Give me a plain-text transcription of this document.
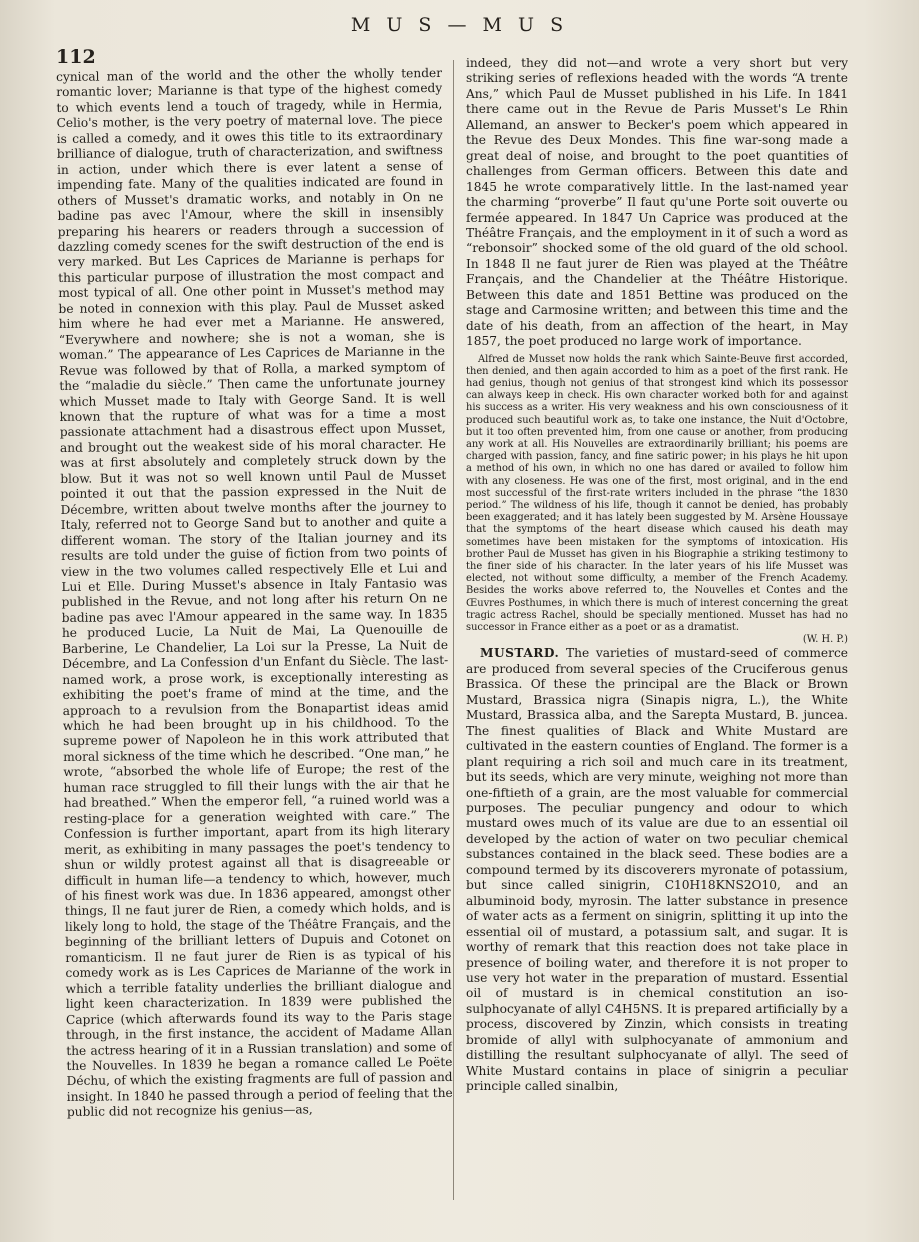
M U S — M U S
112

cynical man of the world and the other the wholly tender romantic lover; Marianne is that type of the highest comedy to which events lend a touch of tragedy, while in Hermia, Celio's mother, is the very poetry of maternal love. The piece is called a comedy, and it owes this title to its extraordinary brilliance of dialogue, truth of characterization, and swiftness in action, under which there is ever latent a sense of impending fate. Many of the qualities indicated are found in others of Musset's dramatic works, and notably in On ne badine pas avec l'Amour, where the skill in insensibly preparing his hearers or readers through a succession of dazzling comedy scenes for the swift destruction of the end is very marked. But Les Caprices de Marianne is perhaps for this particular purpose of illustration the most compact and most typical of all. One other point in Musset's method may be noted in connexion with this play. Paul de Musset asked him where he had ever met a Marianne. He answered, “Everywhere and nowhere; she is not a woman, she is woman.” The appearance of Les Caprices de Marianne in the Revue was followed by that of Rolla, a marked symptom of the “maladie du siècle.” Then came the unfortunate journey which Musset made to Italy with George Sand. It is well known that the rupture of what was for a time a most passionate attachment had a disastrous effect upon Musset, and brought out the weakest side of his moral character. He was at first absolutely and completely struck down by the blow. But it was not so well known until Paul de Musset pointed it out that the passion expressed in the Nuit de Décembre, written about twelve months after the journey to Italy, referred not to George Sand but to another and quite a different woman. The story of the Italian journey and its results are told under the guise of fiction from two points of view in the two volumes called respectively Elle et Lui and Lui et Elle. During Musset's absence in Italy Fantasio was published in the Revue, and not long after his return On ne badine pas avec l'Amour appeared in the same way. In 1835 he produced Lucie, La Nuit de Mai, La Quenouille de Barberine, Le Chandelier, La Loi sur la Presse, La Nuit de Décembre, and La Confession d'un Enfant du Siècle. The last-named work, a prose work, is exceptionally interesting as exhibiting the poet's frame of mind at the time, and the approach to a revulsion from the Bonapartist ideas amid which he had been brought up in his childhood. To the supreme power of Napoleon he in this work attributed that moral sickness of the time which he described. “One man,” he wrote, “absorbed the whole life of Europe; the rest of the human race struggled to fill their lungs with the air that he had breathed.” When the emperor fell, “a ruined world was a resting-place for a generation weighted with care.” The Confession is further important, apart from its high literary merit, as exhibiting in many passages the poet's tendency to shun or wildly protest against all that is disagreeable or difficult in human life—a tendency to which, however, much of his finest work was due. In 1836 appeared, amongst other things, Il ne faut jurer de Rien, a comedy which holds, and is likely long to hold, the stage of the Théâtre Français, and the beginning of the brilliant letters of Dupuis and Cotonet on romanticism. Il ne faut jurer de Rien is as typical of his comedy work as is Les Caprices de Marianne of the work in which a terrible fatality underlies the brilliant dialogue and light keen characterization. In 1839 were published the Caprice (which afterwards found its way to the Paris stage through, in the first instance, the accident of Madame Allan the actress hearing of it in a Russian translation) and some of the Nouvelles. In 1839 he began a romance called Le Poëte Déchu, of which the existing fragments are full of passion and insight. In 1840 he passed through a period of feeling that the public did not recognize his genius—as,

indeed, they did not—and wrote a very short but very striking series of reflexions headed with the words “A trente Ans,” which Paul de Musset published in his Life. In 1841 there came out in the Revue de Paris Musset's Le Rhin Allemand, an answer to Becker's poem which appeared in the Revue des Deux Mondes. This fine war-song made a great deal of noise, and brought to the poet quantities of challenges from German officers. Between this date and 1845 he wrote comparatively little. In the last-named year the charming “proverbe” Il faut qu'une Porte soit ouverte ou fermée appeared. In 1847 Un Caprice was produced at the Théâtre Français, and the employment in it of such a word as “rebonsoir” shocked some of the old guard of the old school. In 1848 Il ne faut jurer de Rien was played at the Théâtre Français, and the Chandelier at the Théâtre Historique. Between this date and 1851 Bettine was produced on the stage and Carmosine written; and between this time and the date of his death, from an affection of the heart, in May 1857, the poet produced no large work of importance.

Alfred de Musset now holds the rank which Sainte-Beuve first accorded, then denied, and then again accorded to him as a poet of the first rank. He had genius, though not genius of that strongest kind which its possessor can always keep in check. His own character worked both for and against his success as a writer. His very weakness and his own consciousness of it produced such beautiful work as, to take one instance, the Nuit d'Octobre, but it too often prevented him, from one cause or another, from producing any work at all. His Nouvelles are extraordinarily brilliant; his poems are charged with passion, fancy, and fine satiric power; in his plays he hit upon a method of his own, in which no one has dared or availed to follow him with any closeness. He was one of the first, most original, and in the end most successful of the first-rate writers included in the phrase “the 1830 period.” The wildness of his life, though it cannot be denied, has probably been exaggerated; and it has lately been suggested by M. Arsène Houssaye that the symptoms of the heart disease which caused his death may sometimes have been mistaken for the symptoms of intoxication. His brother Paul de Musset has given in his Biographie a striking testimony to the finer side of his character. In the later years of his life Musset was elected, not without some difficulty, a member of the French Academy. Besides the works above referred to, the Nouvelles et Contes and the Œuvres Posthumes, in which there is much of interest concerning the great tragic actress Rachel, should be specially mentioned. Musset has had no successor in France either as a poet or as a dramatist.
(W. H. P.)

MUSTARD. The varieties of mustard-seed of commerce are produced from several species of the Cruciferous genus Brassica. Of these the principal are the Black or Brown Mustard, Brassica nigra (Sinapis nigra, L.), the White Mustard, Brassica alba, and the Sarepta Mustard, B. juncea. The finest qualities of Black and White Mustard are cultivated in the eastern counties of England. The former is a plant requiring a rich soil and much care in its treatment, but its seeds, which are very minute, weighing not more than one-fiftieth of a grain, are the most valuable for commercial purposes. The peculiar pungency and odour to which mustard owes much of its value are due to an essential oil developed by the action of water on two peculiar chemical substances contained in the black seed. These bodies are a compound termed by its discoverers myronate of potassium, but since called sinigrin, C10H18KNS2O10, and an albuminoid body, myrosin. The latter substance in presence of water acts as a ferment on sinigrin, splitting it up into the essential oil of mustard, a potassium salt, and sugar. It is worthy of remark that this reaction does not take place in presence of boiling water, and therefore it is not proper to use very hot water in the preparation of mustard. Essential oil of mustard is in chemical constitution an iso-sulphocyanate of allyl C4H5NS. It is prepared artificially by a process, discovered by Zinzin, which consists in treating bromide of allyl with sulphocyanate of ammonium and distilling the resultant sulphocyanate of allyl. The seed of White Mustard contains in place of sinigrin a peculiar principle called sinalbin,
